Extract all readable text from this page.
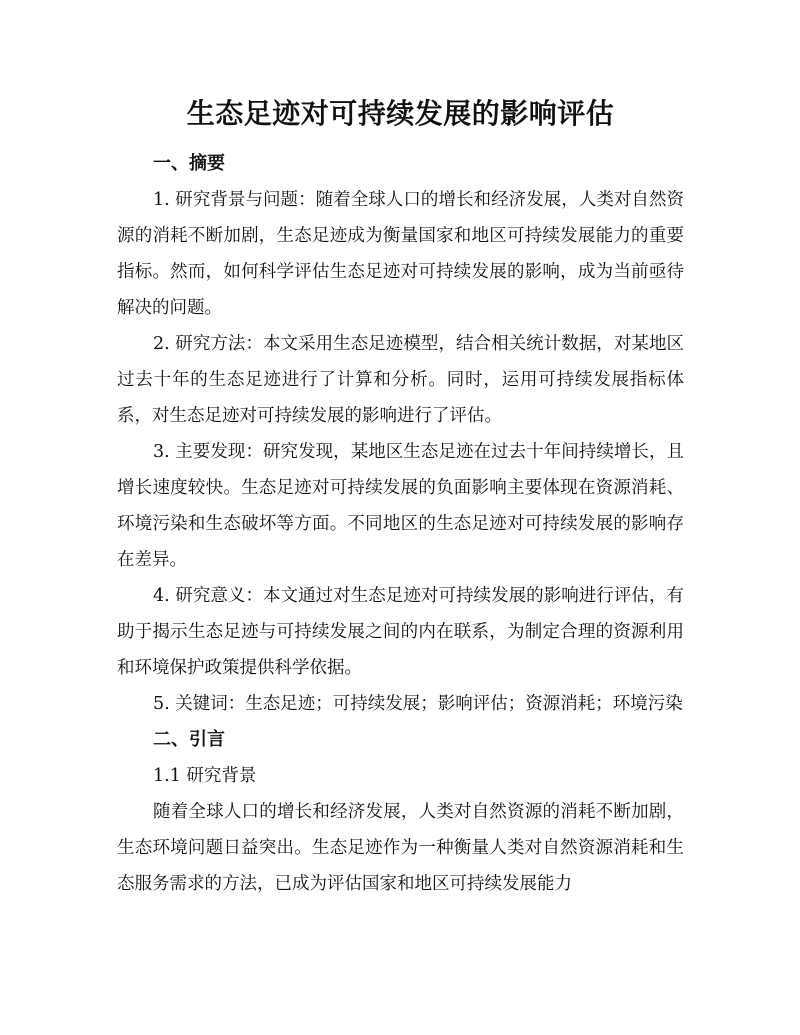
生态足迹对可持续发展的影响评估
一、摘要

1. 研究背景与问题：随着全球人口的增长和经济发展，人类对自然资源的消耗不断加剧，生态足迹成为衡量国家和地区可持续发展能力的重要指标。然而，如何科学评估生态足迹对可持续发展的影响，成为当前亟待解决的问题。

2. 研究方法：本文采用生态足迹模型，结合相关统计数据，对某地区过去十年的生态足迹进行了计算和分析。同时，运用可持续发展指标体系，对生态足迹对可持续发展的影响进行了评估。

3. 主要发现：研究发现，某地区生态足迹在过去十年间持续增长，且增长速度较快。生态足迹对可持续发展的负面影响主要体现在资源消耗、环境污染和生态破坏等方面。不同地区的生态足迹对可持续发展的影响存在差异。

4. 研究意义：本文通过对生态足迹对可持续发展的影响进行评估，有助于揭示生态足迹与可持续发展之间的内在联系，为制定合理的资源利用和环境保护政策提供科学依据。

5. 关键词：生态足迹；可持续发展；影响评估；资源消耗；环境污染

二、引言

1.1 研究背景

随着全球人口的增长和经济发展，人类对自然资源的消耗不断加剧，生态环境问题日益突出。生态足迹作为一种衡量人类对自然资源消耗和生态服务需求的方法，已成为评估国家和地区可持续发展能力
